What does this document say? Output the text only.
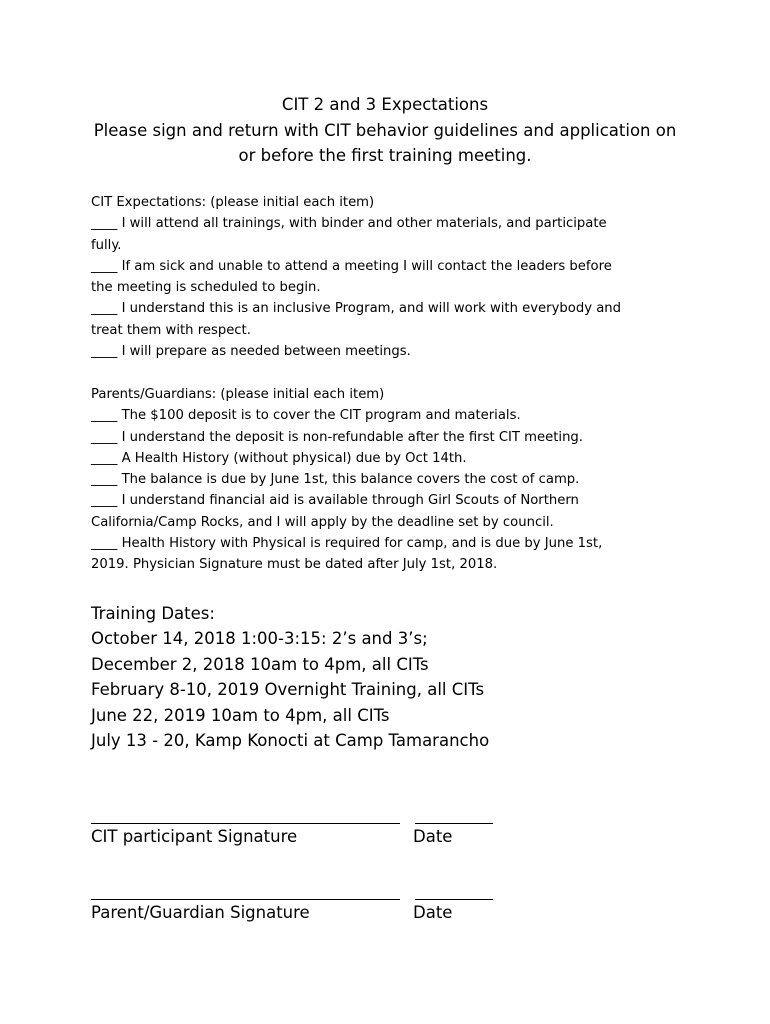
CIT 2 and 3 Expectations
Please sign and return with CIT behavior guidelines and application on
or before the first training meeting.
CIT Expectations: (please initial each item)
____ I will attend all trainings, with binder and other materials, and participate
fully.
____ If am sick and unable to attend a meeting I will contact the leaders before
the meeting is scheduled to begin.
____ I understand this is an inclusive Program, and will work with everybody and
treat them with respect.
____ I will prepare as needed between meetings.
Parents/Guardians: (please initial each item)
____ The $100 deposit is to cover the CIT program and materials.
____ I understand the deposit is non-refundable after the first CIT meeting.
____ A Health History (without physical) due by Oct 14th.
____ The balance is due by June 1st, this balance covers the cost of camp.
____ I understand financial aid is available through Girl Scouts of Northern
California/Camp Rocks, and I will apply by the deadline set by council.
____ Health History with Physical is required for camp, and is due by June 1st,
2019. Physician Signature must be dated after July 1st, 2018.
Training Dates:
October 14, 2018 1:00-3:15: 2’s and 3’s;
December 2, 2018 10am to 4pm, all CITs
February 8-10, 2019 Overnight Training, all CITs
June 22, 2019 10am to 4pm, all CITs
July 13 - 20, Kamp Konocti at Camp Tamarancho
CIT participant Signature	Date
Parent/Guardian Signature	Date
